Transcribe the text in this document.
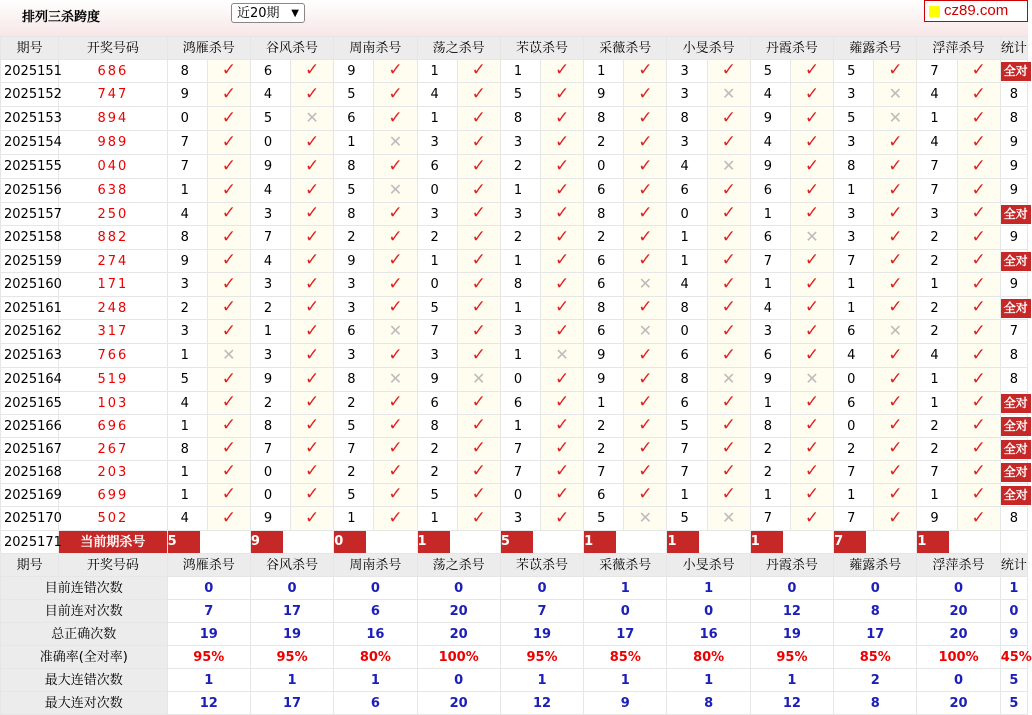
排列三杀跨度	近20期 ▼	cz89.com
期号	开奖号码	鸿雁杀号		谷风杀号		周南杀号		荡之杀号		芣苡杀号		采薇杀号		小旻杀号		丹霞杀号		蕹露杀号		浮萍杀号		统计
2025151	686	8	✓	6	✓	9	✓	1	✓	1	✓	1	✓	3	✓	5	✓	5	✓	7	✓	全对
2025152	747	9	✓	4	✓	5	✓	4	✓	5	✓	9	✓	3	✕	4	✓	3	✕	4	✓	8
2025153	894	0	✓	5	✕	6	✓	1	✓	8	✓	8	✓	8	✓	9	✓	5	✕	1	✓	8
2025154	989	7	✓	0	✓	1	✕	3	✓	3	✓	2	✓	3	✓	4	✓	3	✓	4	✓	9
2025155	040	7	✓	9	✓	8	✓	6	✓	2	✓	0	✓	4	✕	9	✓	8	✓	7	✓	9
2025156	638	1	✓	4	✓	5	✕	0	✓	1	✓	6	✓	6	✓	6	✓	1	✓	7	✓	9
2025157	250	4	✓	3	✓	8	✓	3	✓	3	✓	8	✓	0	✓	1	✓	3	✓	3	✓	全对
2025158	882	8	✓	7	✓	2	✓	2	✓	2	✓	2	✓	1	✓	6	✕	3	✓	2	✓	9
2025159	274	9	✓	4	✓	9	✓	1	✓	1	✓	6	✓	1	✓	7	✓	7	✓	2	✓	全对
2025160	171	3	✓	3	✓	3	✓	0	✓	8	✓	6	✕	4	✓	1	✓	1	✓	1	✓	9
2025161	248	2	✓	2	✓	3	✓	5	✓	1	✓	8	✓	8	✓	4	✓	1	✓	2	✓	全对
2025162	317	3	✓	1	✓	6	✕	7	✓	3	✓	6	✕	0	✓	3	✓	6	✕	2	✓	7
2025163	766	1	✕	3	✓	3	✓	3	✓	1	✕	9	✓	6	✓	6	✓	4	✓	4	✓	8
2025164	519	5	✓	9	✓	8	✕	9	✕	0	✓	9	✓	8	✕	9	✕	0	✓	1	✓	8
2025165	103	4	✓	2	✓	2	✓	6	✓	6	✓	1	✓	6	✓	1	✓	6	✓	1	✓	全对
2025166	696	1	✓	8	✓	5	✓	8	✓	1	✓	2	✓	5	✓	8	✓	0	✓	2	✓	全对
2025167	267	8	✓	7	✓	7	✓	2	✓	7	✓	2	✓	7	✓	2	✓	2	✓	2	✓	全对
2025168	203	1	✓	0	✓	2	✓	2	✓	7	✓	7	✓	7	✓	2	✓	7	✓	7	✓	全对
2025169	699	1	✓	0	✓	5	✓	5	✓	0	✓	6	✓	1	✓	1	✓	1	✓	1	✓	全对
2025170	502	4	✓	9	✓	1	✓	1	✓	3	✓	5	✕	5	✕	7	✓	7	✓	9	✓	8
2025171	当前期杀号	5		9		0		1		5		1		1		1		7		1		
期号	开奖号码	鸿雁杀号		谷风杀号		周南杀号		荡之杀号		芣苡杀号		采薇杀号		小旻杀号		丹霞杀号		蕹露杀号		浮萍杀号		统计
目前连错次数		0		0		0		0		0		1		1		0		0		0		1
目前连对次数		7		17		6		20		7		0		0		12		8		20		0
总正确次数		19		19		16		20		19		17		16		19		17		20		9
准确率(全对率)		95%		95%		80%		100%		95%		85%		80%		95%		85%		100%		45%
最大连错次数		1		1		1		0		1		1		1		1		2		0		5
最大连对次数		12		17		6		20		12		9		8		12		8		20		5
